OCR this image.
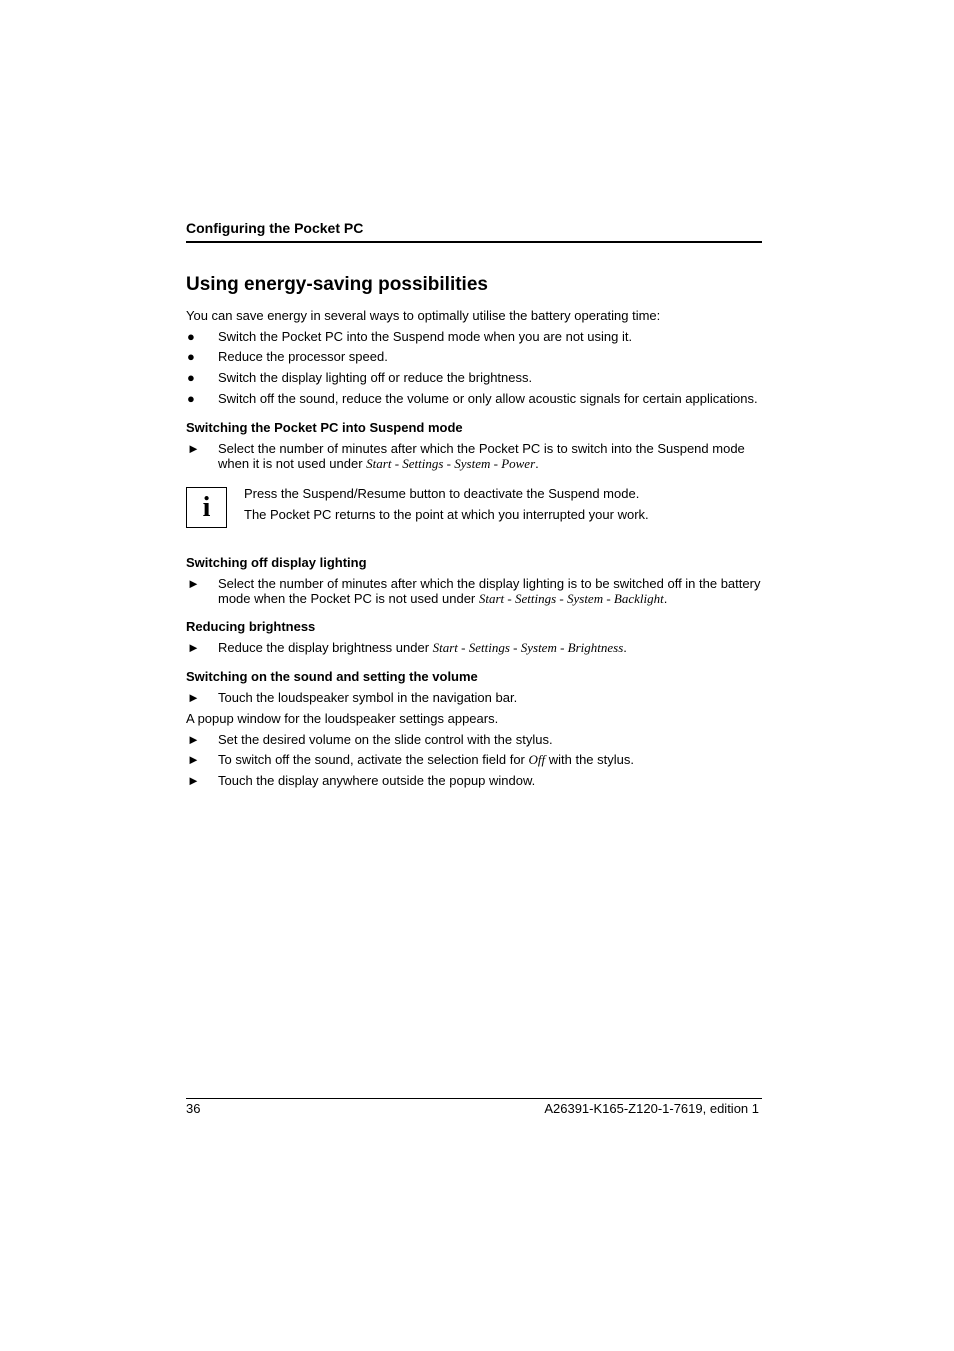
Configuring the Pocket PC
Using energy-saving possibilities
You can save energy in several ways to optimally utilise the battery operating time:
● Switch the Pocket PC into the Suspend mode when you are not using it.
● Reduce the processor speed.
● Switch the display lighting off or reduce the brightness.
● Switch off the sound, reduce the volume or only allow acoustic signals for certain applications.
Switching the Pocket PC into Suspend mode
► Select the number of minutes after which the Pocket PC is to switch into the Suspend mode when it is not used under Start - Settings - System - Power.
i	Press the Suspend/Resume button to deactivate the Suspend mode.
The Pocket PC returns to the point at which you interrupted your work.
Switching off display lighting
► Select the number of minutes after which the display lighting is to be switched off in the battery mode when the Pocket PC is not used under Start - Settings - System - Backlight.
Reducing brightness
► Reduce the display brightness under Start - Settings - System - Brightness.
Switching on the sound and setting the volume
► Touch the loudspeaker symbol in the navigation bar.
A popup window for the loudspeaker settings appears.
► Set the desired volume on the slide control with the stylus.
► To switch off the sound, activate the selection field for Off with the stylus.
► Touch the display anywhere outside the popup window.
36	A26391-K165-Z120-1-7619, edition 1
